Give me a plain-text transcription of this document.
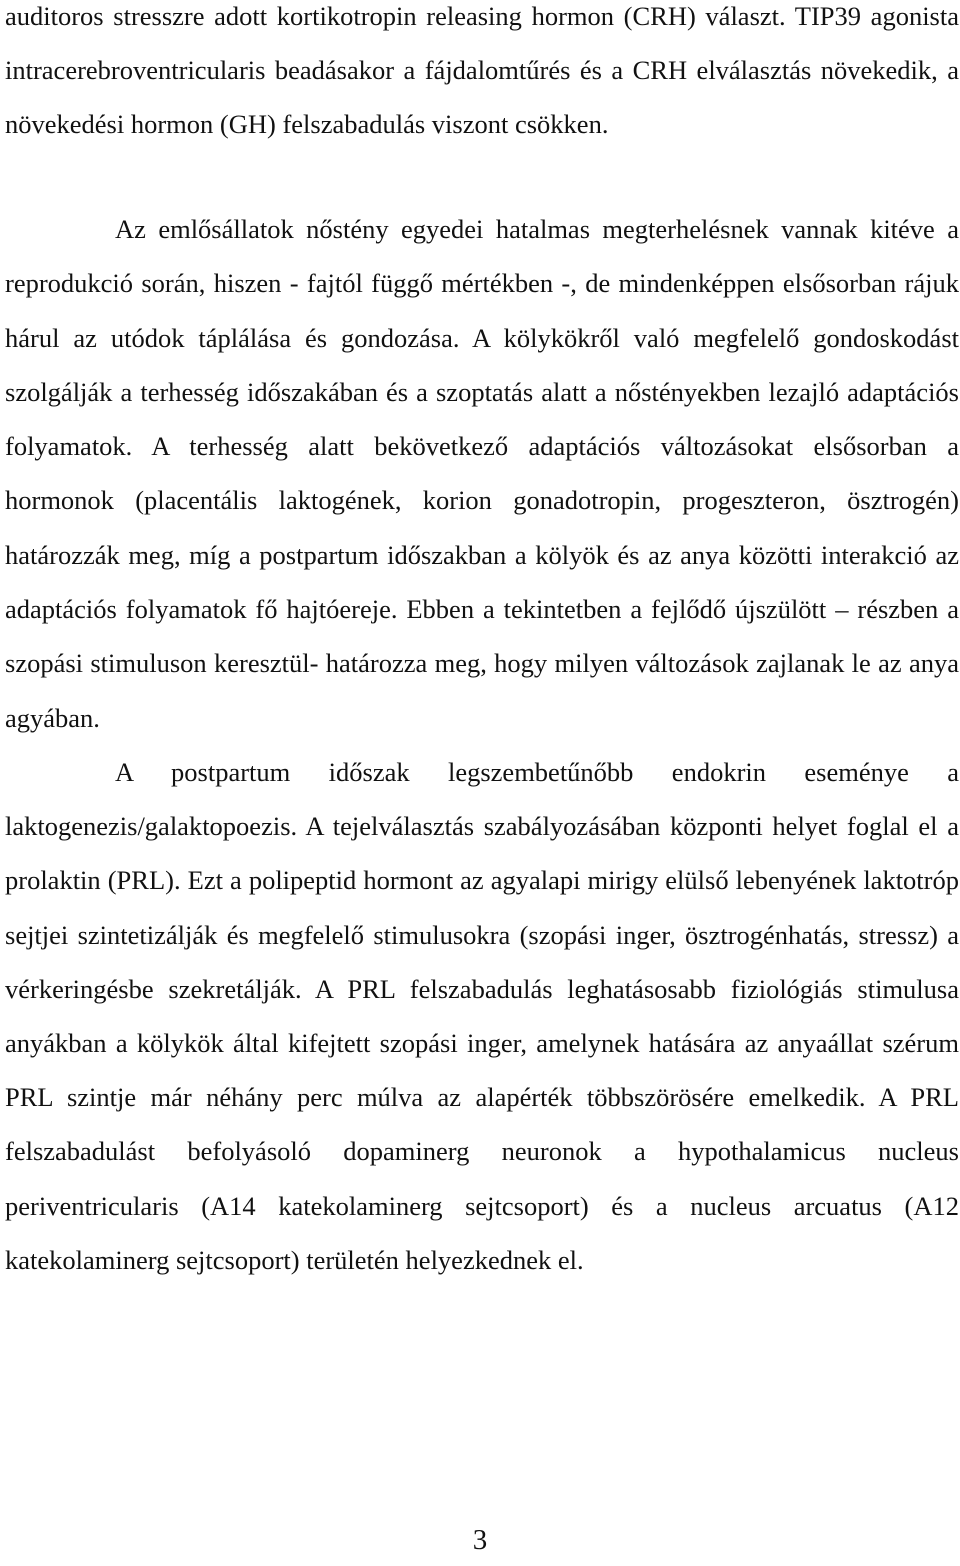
auditoros stresszre adott kortikotropin releasing hormon (CRH) választ. TIP39 agonista intracerebroventricularis beadásakor a fájdalomtűrés és a CRH elválasztás növekedik, a növekedési hormon (GH) felszabadulás viszont csökken.

Az emlősállatok nőstény egyedei hatalmas megterhelésnek vannak kitéve a reprodukció során, hiszen - fajtól függő mértékben -, de mindenképpen elsősorban rájuk hárul az utódok táplálása és gondozása. A kölykökről való megfelelő gondoskodást szolgálják a terhesség időszakában és a szoptatás alatt a nőstényekben lezajló adaptációs folyamatok. A terhesség alatt bekövetkező adaptációs változásokat elsősorban a hormonok (placentális laktogének, korion gonadotropin, progeszteron, ösztrogén) határozzák meg, míg a postpartum időszakban a kölyök és az anya közötti interakció az adaptációs folyamatok fő hajtóereje. Ebben a tekintetben a fejlődő újszülött – részben a szopási stimuluson keresztül- határozza meg, hogy milyen változások zajlanak le az anya agyában.

A postpartum időszak legszembetűnőbb endokrin eseménye a laktogenezis/galaktopoezis. A tejelválasztás szabályozásában központi helyet foglal el a prolaktin (PRL). Ezt a polipeptid hormont az agyalapi mirigy elülső lebenyének laktotróp sejtjei szintetizálják és megfelelő stimulusokra (szopási inger, ösztrogénhatás, stressz) a vérkeringésbe szekretálják. A PRL felszabadulás leghatásosabb fiziológiás stimulusa anyákban a kölykök által kifejtett szopási inger, amelynek hatására az anyaállat szérum PRL szintje már néhány perc múlva az alapérték többszörösére emelkedik. A PRL felszabadulást befolyásoló dopaminerg neuronok a hypothalamicus nucleus periventricularis (A14 katekolaminerg sejtcsoport) és a nucleus arcuatus (A12 katekolaminerg sejtcsoport) területén helyezkednek el.

3
